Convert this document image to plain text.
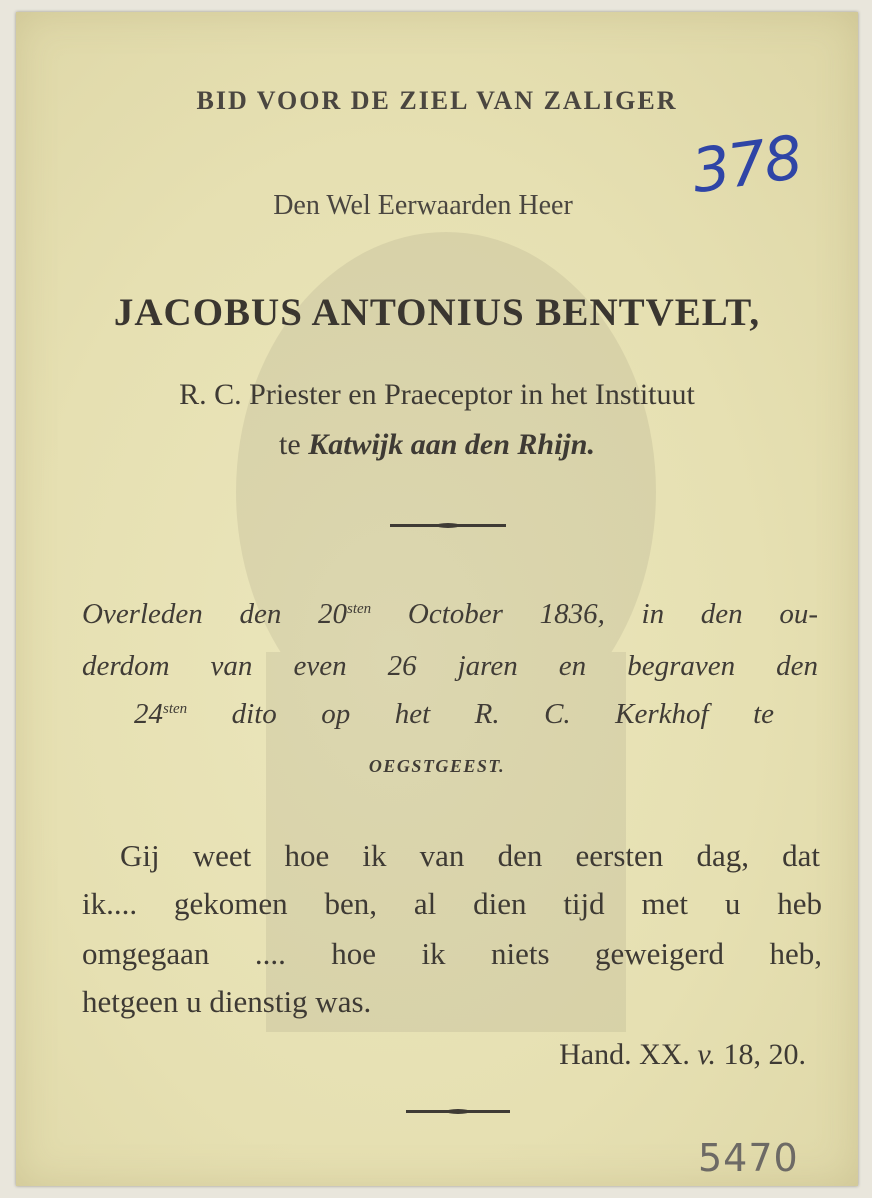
BID VOOR DE ZIEL VAN ZALIGER
Den Wel Eerwaarden Heer
JACOBUS ANTONIUS BENTVELT,
R. C. Priester en Praeceptor in het Instituut
te Katwijk aan den Rhijn.
Overleden den $20^{sten}$ October 1836, in den ou-
derdom van even 26 jaren en begraven den
$24^{sten}$ dito op het R. C. Kerkhof te
OEGSTGEEST.
Gij weet hoe ik van den eersten dag, dat
ik.... gekomen ben, al dien tijd met u heb
omgegaan .... hoe ik niets geweigerd heb,
hetgeen u dienstig was.
Hand. XX. v. 18, 20.
378
5470
